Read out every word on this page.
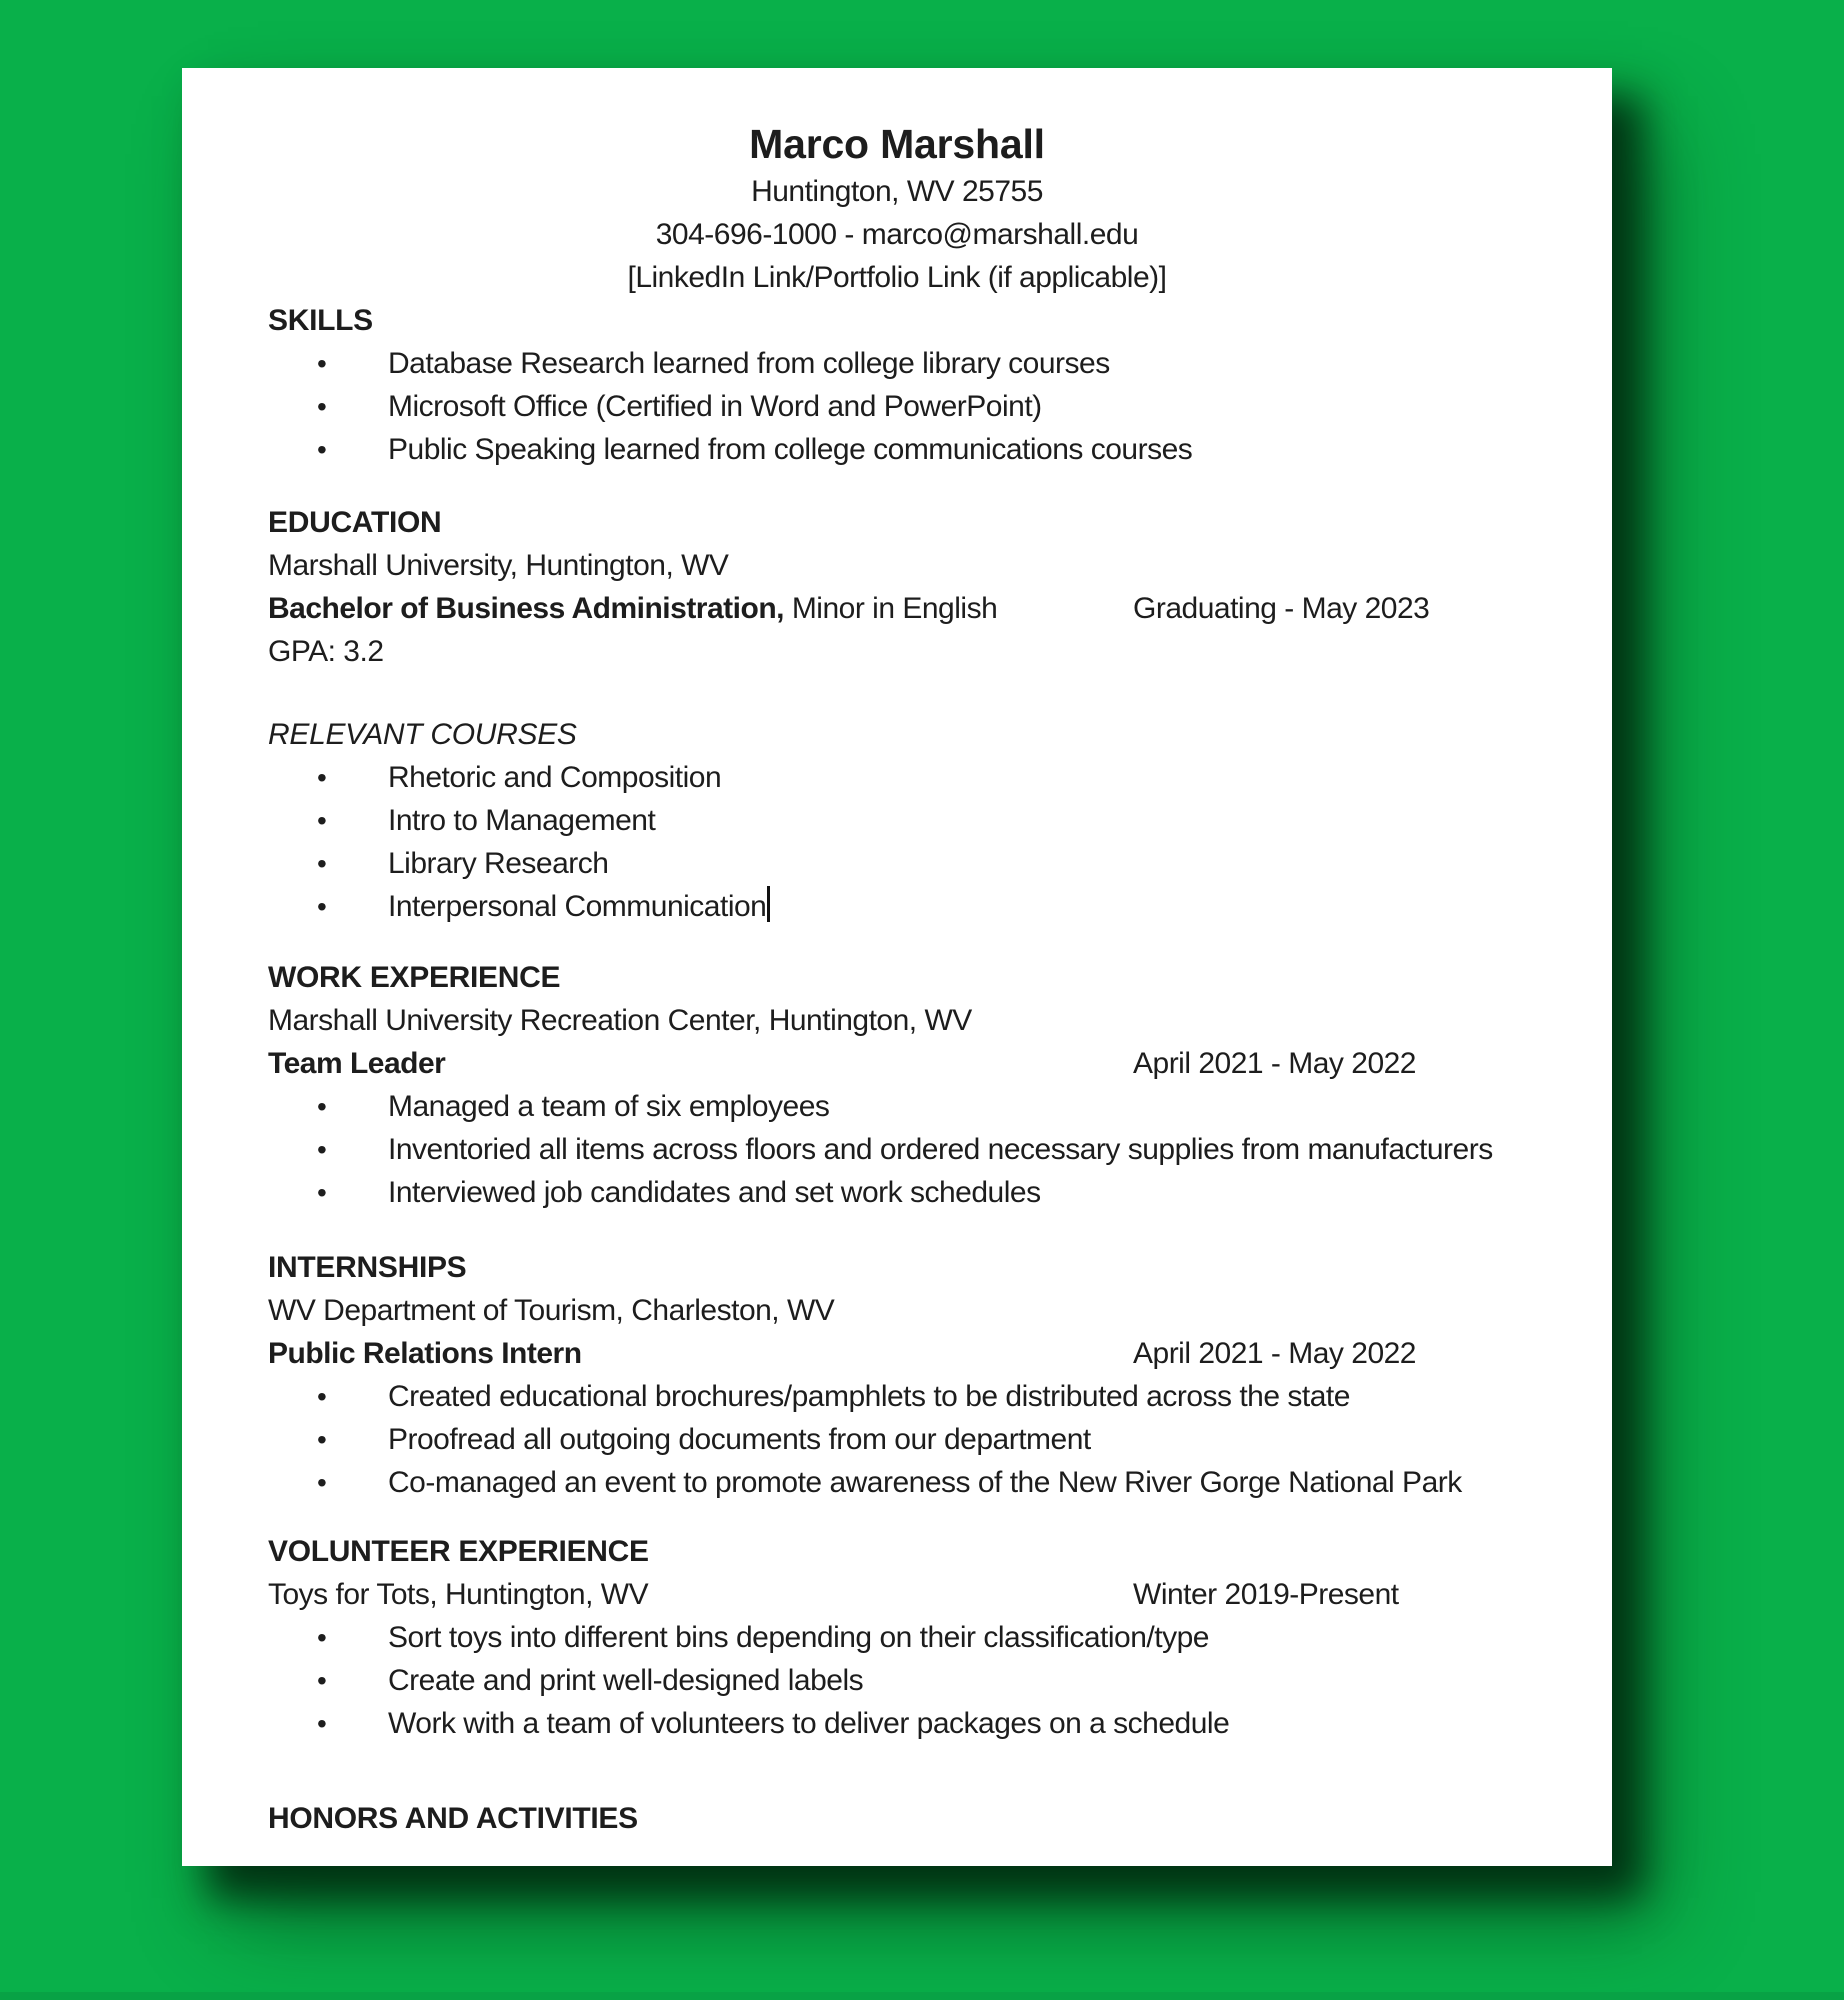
Marco Marshall
Huntington, WV 25755
304-696-1000 - marco@marshall.edu
[LinkedIn Link/Portfolio Link (if applicable)]
SKILLS
• Database Research learned from college library courses
• Microsoft Office (Certified in Word and PowerPoint)
• Public Speaking learned from college communications courses
EDUCATION
Marshall University, Huntington, WV
Bachelor of Business Administration, Minor in English	Graduating - May 2023
GPA: 3.2
RELEVANT COURSES
• Rhetoric and Composition
• Intro to Management
• Library Research
• Interpersonal Communication
WORK EXPERIENCE
Marshall University Recreation Center, Huntington, WV
Team Leader	April 2021 - May 2022
• Managed a team of six employees
• Inventoried all items across floors and ordered necessary supplies from manufacturers
• Interviewed job candidates and set work schedules
INTERNSHIPS
WV Department of Tourism, Charleston, WV
Public Relations Intern	April 2021 - May 2022
• Created educational brochures/pamphlets to be distributed across the state
• Proofread all outgoing documents from our department
• Co-managed an event to promote awareness of the New River Gorge National Park
VOLUNTEER EXPERIENCE
Toys for Tots, Huntington, WV	Winter 2019-Present
• Sort toys into different bins depending on their classification/type
• Create and print well-designed labels
• Work with a team of volunteers to deliver packages on a schedule
HONORS AND ACTIVITIES
